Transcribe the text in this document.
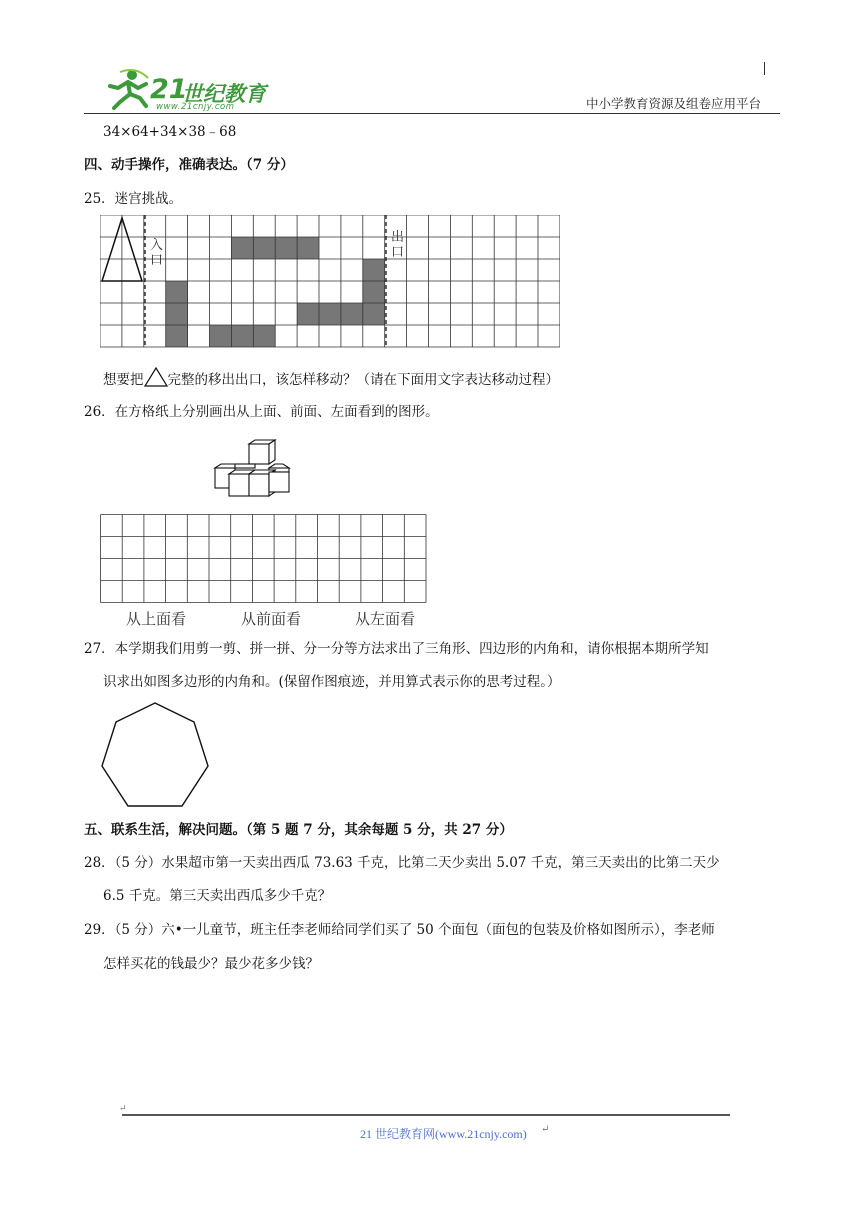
21
世纪教育
www.21cnjy.com	中小学教育资源及组卷应用平台
34×64+34×38﹣68
四、动手操作，准确表达。（7 分）
25．迷宫挑战。
入口
出口
想要把 完整的移出出口，该怎样移动？（请在下面用文字表达移动过程）
26．在方格纸上分别画出从上面、前面、左面看到的图形。
从上面看	从前面看	从左面看
27．本学期我们用剪一剪、拼一拼、分一分等方法求出了三角形、四边形的内角和，请你根据本期所学知
识求出如图多边形的内角和。(保留作图痕迹，并用算式表示你的思考过程。）
五、联系生活，解决问题。（第 5 题 7 分，其余每题 5 分，共 27 分）
28．（5 分）水果超市第一天卖出西瓜 73.63 千克，比第二天少卖出 5.07 千克，第三天卖出的比第二天少
6.5 千克。第三天卖出西瓜多少千克？
29．（5 分）六•一儿童节，班主任李老师给同学们买了 50 个面包（面包的包装及价格如图所示），李老师
怎样买花的钱最少？最少花多少钱？
↵
21 世纪教育网(www.21cnjy.com) ↵
